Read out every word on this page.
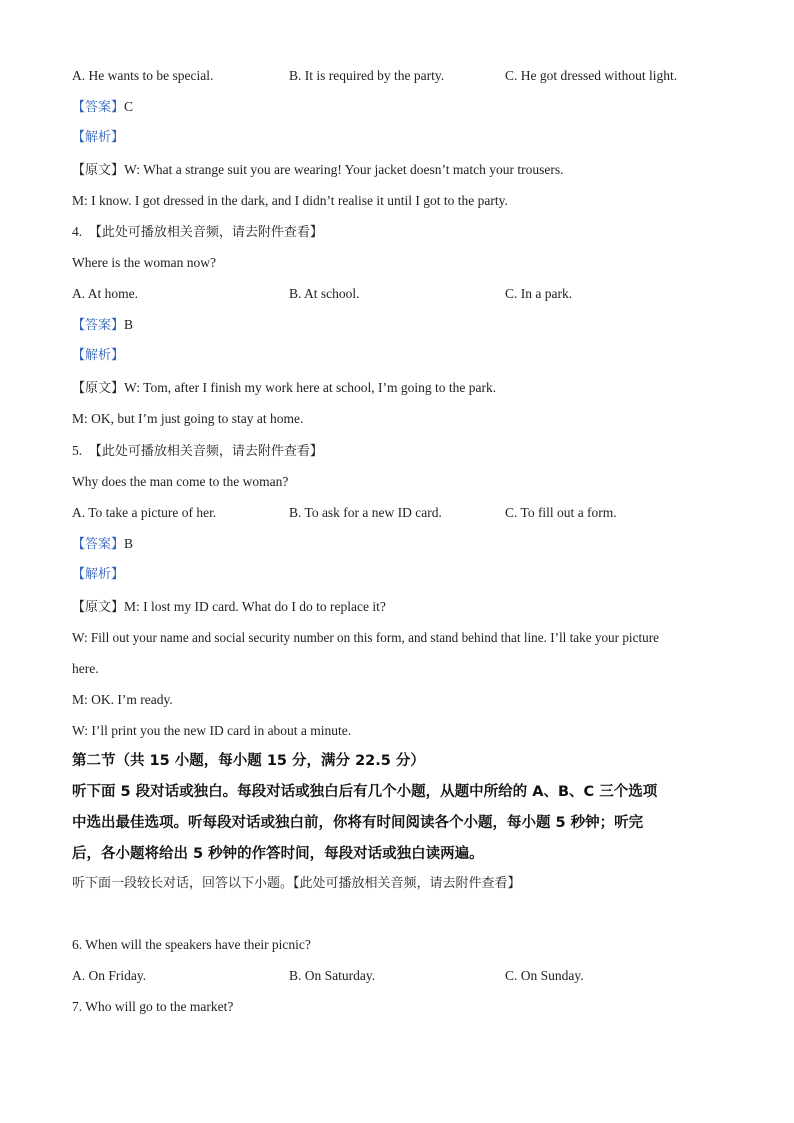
A. He wants to be special.	B. It is required by the party.	C. He got dressed without light.
【答案】C
【解析】
【原文】W: What a strange suit you are wearing! Your jacket doesn’t match your trousers.
M: I know. I got dressed in the dark, and I didn’t realise it until I got to the party.
4. 【此处可播放相关音频，请去附件查看】
Where is the woman now?
A. At home.	B. At school.	C. In a park.
【答案】B
【解析】
【原文】W: Tom, after I finish my work here at school, I’m going to the park.
M: OK, but I’m just going to stay at home.
5. 【此处可播放相关音频，请去附件查看】
Why does the man come to the woman?
A. To take a picture of her.	B. To ask for a new ID card.	C. To fill out a form.
【答案】B
【解析】
【原文】M: I lost my ID card. What do I do to replace it?
W: Fill out your name and social security number on this form, and stand behind that line. I’ll take your picture
here.
M: OK. I’m ready.
W: I’ll print you the new ID card in about a minute.
第二节（共 15 小题，每小题 15 分，满分 22.5 分）
听下面 5 段对话或独白。每段对话或独白后有几个小题，从题中所给的 A、B、C 三个选项
中选出最佳选项。听每段对话或独白前，你将有时间阅读各个小题，每小题 5 秒钟；听完
后，各小题将给出 5 秒钟的作答时间，每段对话或独白读两遍。
听下面一段较长对话，回答以下小题。【此处可播放相关音频，请去附件查看】
6. When will the speakers have their picnic?
A. On Friday.	B. On Saturday.	C. On Sunday.
7. Who will go to the market?
